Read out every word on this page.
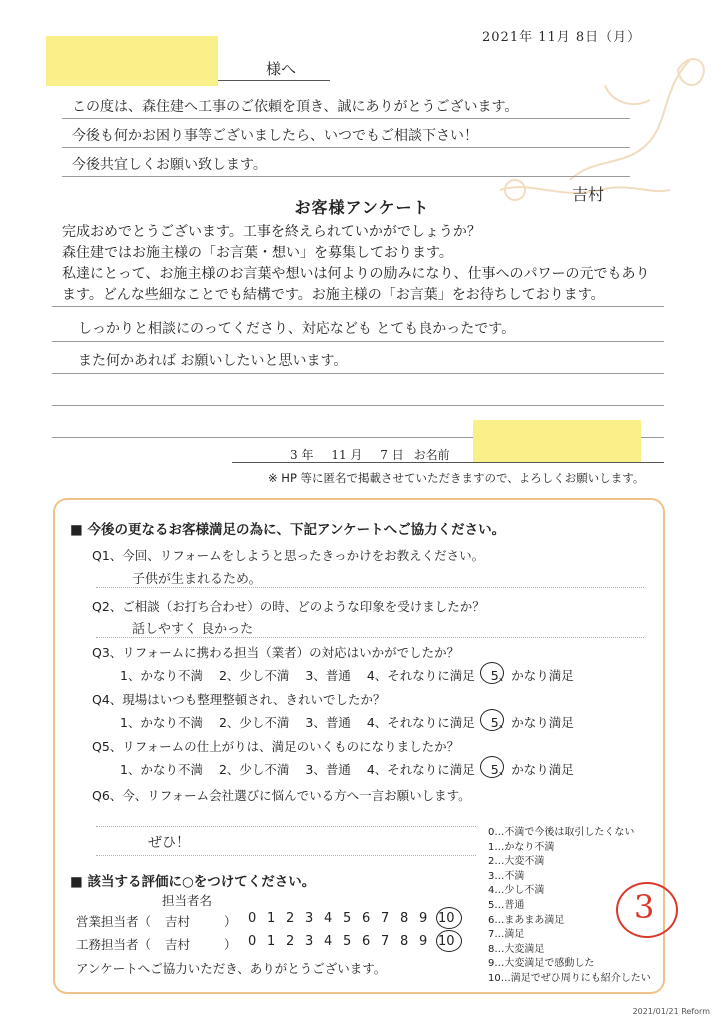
2021年 11月 8日（月）
様へ
この度は、森住建へ工事のご依頼を頂き、誠にありがとうございます。
今後も何かお困り事等ございましたら、いつでもご相談下さい！
今後共宜しくお願い致します。
吉村
お客様アンケート
完成おめでとうございます。工事を終えられていかがでしょうか？
森住建ではお施主様の「お言葉・想い」を募集しております。
私達にとって、お施主様のお言葉や想いは何よりの励みになり、仕事へのパワーの元でもあり
ます。どんな些細なことでも結構です。お施主様の「お言葉」をお待ちしております。
しっかりと相談にのってくださり、対応なども とても良かったです。
また何かあれば お願いしたいと思います。
3 年 11 月 7 日 お名前
※ HP 等に匿名で掲載させていただきますので、よろしくお願いします。
■ 今後の更なるお客様満足の為に、下記アンケートへご協力ください。
Q1、今回、リフォームをしようと思ったきっかけをお教えください。
子供が生まれるため。
Q2、ご相談（お打ち合わせ）の時、どのような印象を受けましたか？
話しやすく 良かった
Q3、リフォームに携わる担当（業者）の対応はいかがでしたか？
1、かなり不満 2、少し不満 3、普通 4、それなりに満足 5、かなり満足
Q4、現場はいつも整理整頓され、きれいでしたか？
1、かなり不満 2、少し不満 3、普通 4、それなりに満足 5、かなり満足
Q5、リフォームの仕上がりは、満足のいくものになりましたか？
1、かなり不満 2、少し不満 3、普通 4、それなりに満足 5、かなり満足
Q6、今、リフォーム会社選びに悩んでいる方へ一言お願いします。
ぜひ！
■ 該当する評価に○をつけてください。
担当者名
営業担当者（ 吉村	）
工務担当者（ 吉村	）
0 1 2 3 4 5 6 7 8 9 10
0 1 2 3 4 5 6 7 8 9 10
アンケートへご協力いただき、ありがとうございます。
0…不満で今後は取引したくない
1…かなり不満
2…大変不満
3…不満
4…少し不満
5…普通
6…まあまあ満足
7…満足
8…大変満足
9…大変満足で感動した
10…満足でぜひ周りにも紹介したい
3
2021/01/21 Reform
